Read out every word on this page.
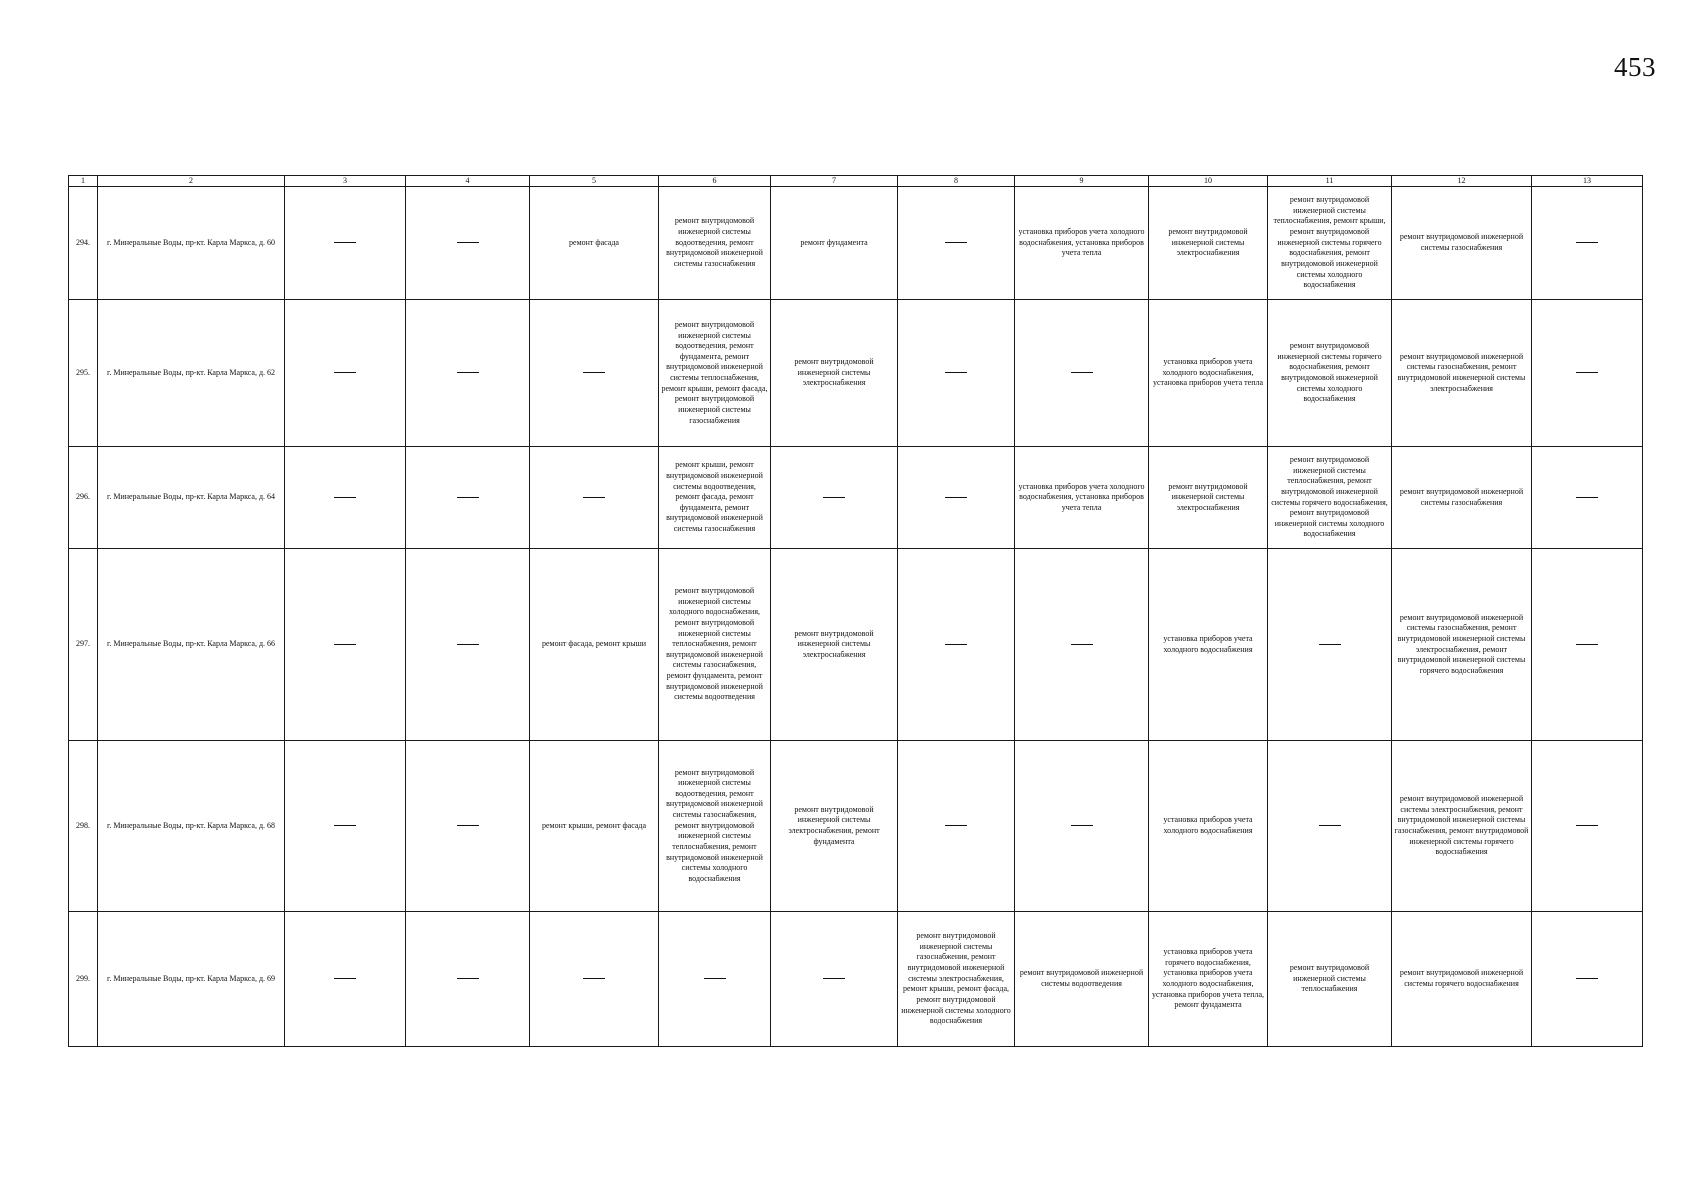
453
1	2	3	4	5	6	7	8	9	10	11	12	13
294.	г. Минеральные Воды, пр-кт. Карла Маркса, д. 60			ремонт фасада	ремонт внутридомовой инженерной системы водоотведения, ремонт внутридомовой инженерной системы газоснабжения	ремонт фундамента		установка приборов учета холодного водоснабжения, установка приборов учета тепла	ремонт внутридомовой инженерной системы электроснабжения	ремонт внутридомовой инженерной системы теплоснабжения, ремонт крыши, ремонт внутридомовой инженерной системы горячего водоснабжения, ремонт внутридомовой инженерной системы холодного водоснабжения	ремонт внутридомовой инженерной системы газоснабжения	
295.	г. Минеральные Воды, пр-кт. Карла Маркса, д. 62				ремонт внутридомовой инженерной системы водоотведения, ремонт фундамента, ремонт внутридомовой инженерной системы теплоснабжения, ремонт крыши, ремонт фасада, ремонт внутридомовой инженерной системы газоснабжения	ремонт внутридомовой инженерной системы электроснабжения			установка приборов учета холодного водоснабжения, установка приборов учета тепла	ремонт внутридомовой инженерной системы горячего водоснабжения, ремонт внутридомовой инженерной системы холодного водоснабжения	ремонт внутридомовой инженерной системы газоснабжения, ремонт внутридомовой инженерной системы электроснабжения	
296.	г. Минеральные Воды, пр-кт. Карла Маркса, д. 64				ремонт крыши, ремонт внутридомовой инженерной системы водоотведения, ремонт фасада, ремонт фундамента, ремонт внутридомовой инженерной системы газоснабжения			установка приборов учета холодного водоснабжения, установка приборов учета тепла	ремонт внутридомовой инженерной системы электроснабжения	ремонт внутридомовой инженерной системы теплоснабжения, ремонт внутридомовой инженерной системы горячего водоснабжения, ремонт внутридомовой инженерной системы холодного водоснабжения	ремонт внутридомовой инженерной системы газоснабжения	
297.	г. Минеральные Воды, пр-кт. Карла Маркса, д. 66			ремонт фасада, ремонт крыши	ремонт внутридомовой инженерной системы холодного водоснабжения, ремонт внутридомовой инженерной системы теплоснабжения, ремонт внутридомовой инженерной системы газоснабжения, ремонт фундамента, ремонт внутридомовой инженерной системы водоотведения	ремонт внутридомовой инженерной системы электроснабжения			установка приборов учета холодного водоснабжения		ремонт внутридомовой инженерной системы газоснабжения, ремонт внутридомовой инженерной системы электроснабжения, ремонт внутридомовой инженерной системы горячего водоснабжения	
298.	г. Минеральные Воды, пр-кт. Карла Маркса, д. 68			ремонт крыши, ремонт фасада	ремонт внутридомовой инженерной системы водоотведения, ремонт внутридомовой инженерной системы газоснабжения, ремонт внутридомовой инженерной системы теплоснабжения, ремонт внутридомовой инженерной системы холодного водоснабжения	ремонт внутридомовой инженерной системы электроснабжения, ремонт фундамента			установка приборов учета холодного водоснабжения		ремонт внутридомовой инженерной системы электроснабжения, ремонт внутридомовой инженерной системы газоснабжения, ремонт внутридомовой инженерной системы горячего водоснабжения	
299.	г. Минеральные Воды, пр-кт. Карла Маркса, д. 69						ремонт внутридомовой инженерной системы газоснабжения, ремонт внутридомовой инженерной системы электроснабжения, ремонт крыши, ремонт фасада, ремонт внутридомовой инженерной системы холодного водоснабжения	ремонт внутридомовой инженерной системы водоотведения	установка приборов учета горячего водоснабжения, установка приборов учета холодного водоснабжения, установка приборов учета тепла, ремонт фундамента	ремонт внутридомовой инженерной системы теплоснабжения	ремонт внутридомовой инженерной системы горячего водоснабжения	
